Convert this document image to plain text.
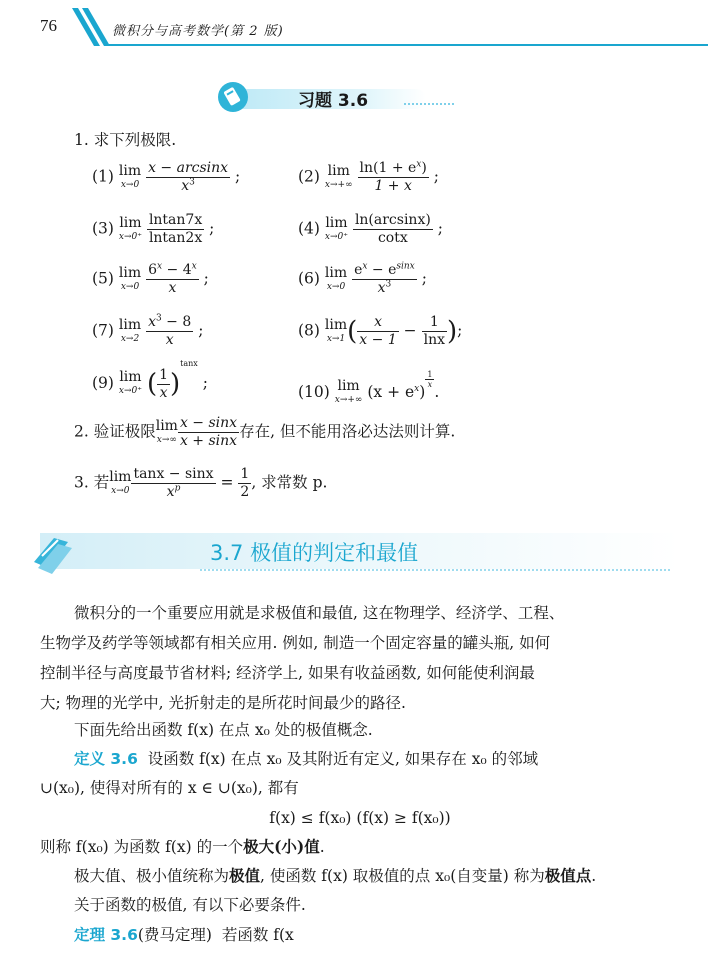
76	微积分与高考数学(第 2 版)
习题 3.6
1. 求下列极限.
(1) lim
x→0
$\frac{x - \arcsin x}{x^3}$ ;	(2) lim
x→+∞
$\frac{\ln(1 + e^x)}{1 + x}$ ;
(3) lim
x→0⁺
$\frac{lntan7x}{lntan2x}$ ;	(4) lim
x→0⁺
$\frac{\ln(\arcsin x)}{\cot x}$ ;
(5) lim
x→0
$\frac{6^x - 4^x}{x}$ ;	(6) lim
x→0
$\frac{e^x - e^{sinx}}{x^3}$ ;
(7) lim
x→2
$\frac{x^3 - 8}{x}$ ;	(8) lim
x→1 ( $\frac{x}{x - 1} - \frac{1}{\ln x}$ );
(9) lim
x→0⁺ ( $\frac{1}{x} )^{tanx}$ ;	(10) lim
x→+∞ $(x + e^x)$
$\frac{1}{x}$
.
2. 验证极限 lim
$x\to\infty \frac{x - \sin x}{x + \sin x}$ 存在, 但不能用洛必达法则计算.
3. 若 lim
$x\to 0 \frac{\tan x - \sin x}{x^p} = \frac{1}{2}$ , 求常数 p.
3.7 极值的判定和最值
微积分的一个重要应用就是求极值和最值, 这在物理学、经济学、工程、
生物学及药学等领域都有相关应用. 例如, 制造一个固定容量的罐头瓶, 如何
控制半径与高度最节省材料; 经济学上, 如果有收益函数, 如何能使利润最
大; 物理的光学中, 光折射走的是所花时间最少的路径.
下面先给出函数 f(x) 在点 x₀ 处的极值概念.
定义 3.6 设函数 f(x) 在点 x₀ 及其附近有定义, 如果存在 x₀ 的邻域
∪(x₀), 使得对所有的 x ∈ ∪(x₀), 都有
f(x) ≤ f(x₀) (f(x) ≥ f(x₀))
则称 f(x₀) 为函数 f(x) 的一个极大(小)值.
极大值、极小值统称为极值, 使函数 f(x) 取极值的点 x₀(自变量) 称为极值点.
关于函数的极值, 有以下必要条件.
定理 3.6(费马定理) 若函数 f(x
